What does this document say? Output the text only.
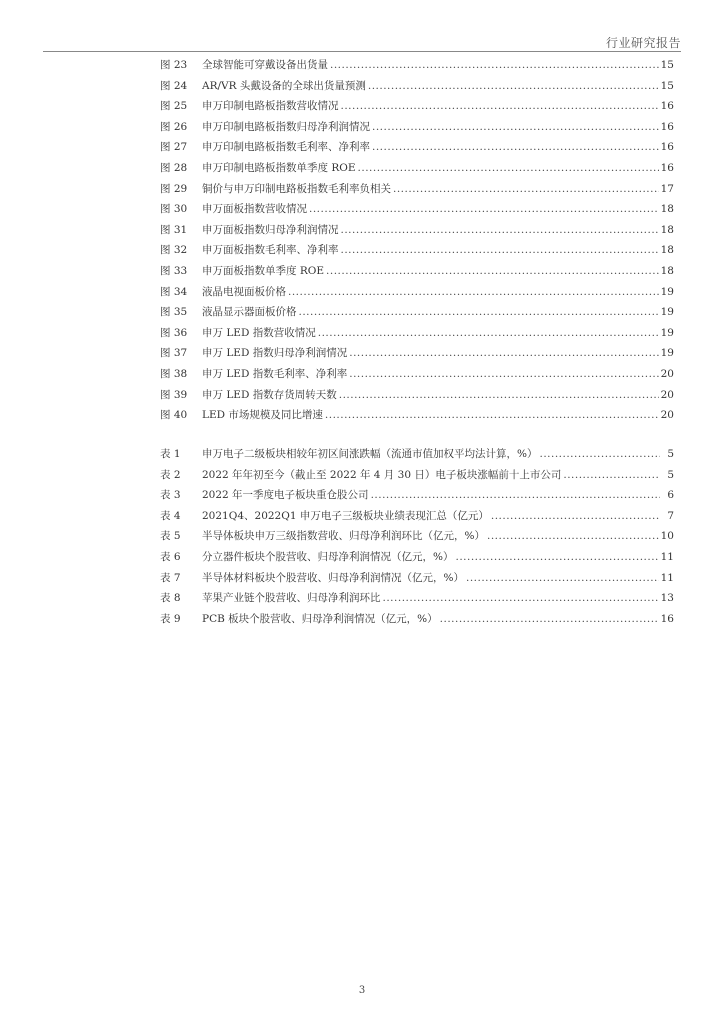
行业研究报告
图 23	全球智能可穿戴设备出货量 .....	15
图 24	AR/VR 头戴设备的全球出货量预测 .....	15
图 25	申万印制电路板指数营收情况 .....	16
图 26	申万印制电路板指数归母净利润情况 .....	16
图 27	申万印制电路板指数毛利率、净利率 .....	16
图 28	申万印制电路板指数单季度 ROE .....	16
图 29	铜价与申万印制电路板指数毛利率负相关 .....	17
图 30	申万面板指数营收情况 .....	18
图 31	申万面板指数归母净利润情况 .....	18
图 32	申万面板指数毛利率、净利率 .....	18
图 33	申万面板指数单季度 ROE .....	18
图 34	液晶电视面板价格 .....	19
图 35	液晶显示器面板价格 .....	19
图 36	申万 LED 指数营收情况 .....	19
图 37	申万 LED 指数归母净利润情况 .....	19
图 38	申万 LED 指数毛利率、净利率 .....	20
图 39	申万 LED 指数存货周转天数 .....	20
图 40	LED 市场规模及同比增速 .....	20
表 1	申万电子二级板块相较年初区间涨跌幅（流通市值加权平均法计算，%） .....	5
表 2	2022 年年初至今（截止至 2022 年 4 月 30 日）电子板块涨幅前十上市公司 .....	5
表 3	2022 年一季度电子板块重仓股公司 .....	6
表 4	2021Q4、2022Q1 申万电子三级板块业绩表现汇总（亿元） .....	7
表 5	半导体板块申万三级指数营收、归母净利润环比（亿元，%） .....	10
表 6	分立器件板块个股营收、归母净利润情况（亿元，%） .....	11
表 7	半导体材料板块个股营收、归母净利润情况（亿元，%） .....	11
表 8	苹果产业链个股营收、归母净利润环比 .....	13
表 9	PCB 板块个股营收、归母净利润情况（亿元，%） .....	16
3
